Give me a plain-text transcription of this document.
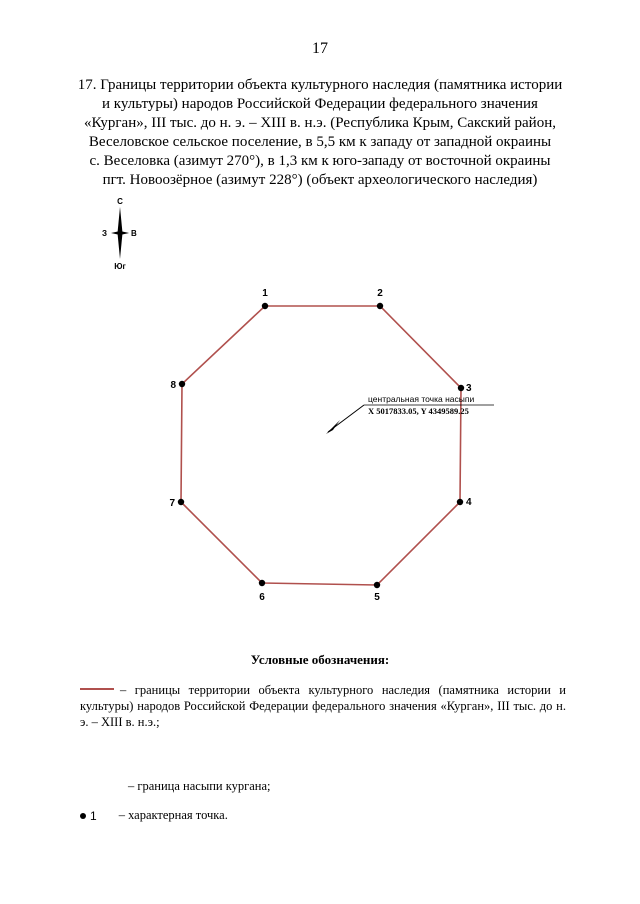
17
17. Границы территории объекта культурного наследия (памятника истории
и культуры) народов Российской Федерации федерального значения
«Курган», III тыс. до н. э. – XIII в. н.э. (Республика Крым, Сакский район,
Веселовское сельское поселение, в 5,5 км к западу от западной окраины
с. Веселовка (азимут 270°), в 1,3 км к юго-западу от восточной окраины
пгт. Новоозёрное (азимут 228°) (объект археологического наследия)
С
З	В
Юг
1	2
3
4
5
6
7
8
центральная точка насыпи
X 5017833.05, Y 4349589.25
Условные обозначения:
– границы территории объекта культурного наследия (памятника истории и культуры) народов Российской Федерации федерального значения «Курган», III тыс. до н. э. – XIII в. н.э.;
– граница насыпи кургана;
1 – характерная точка.
